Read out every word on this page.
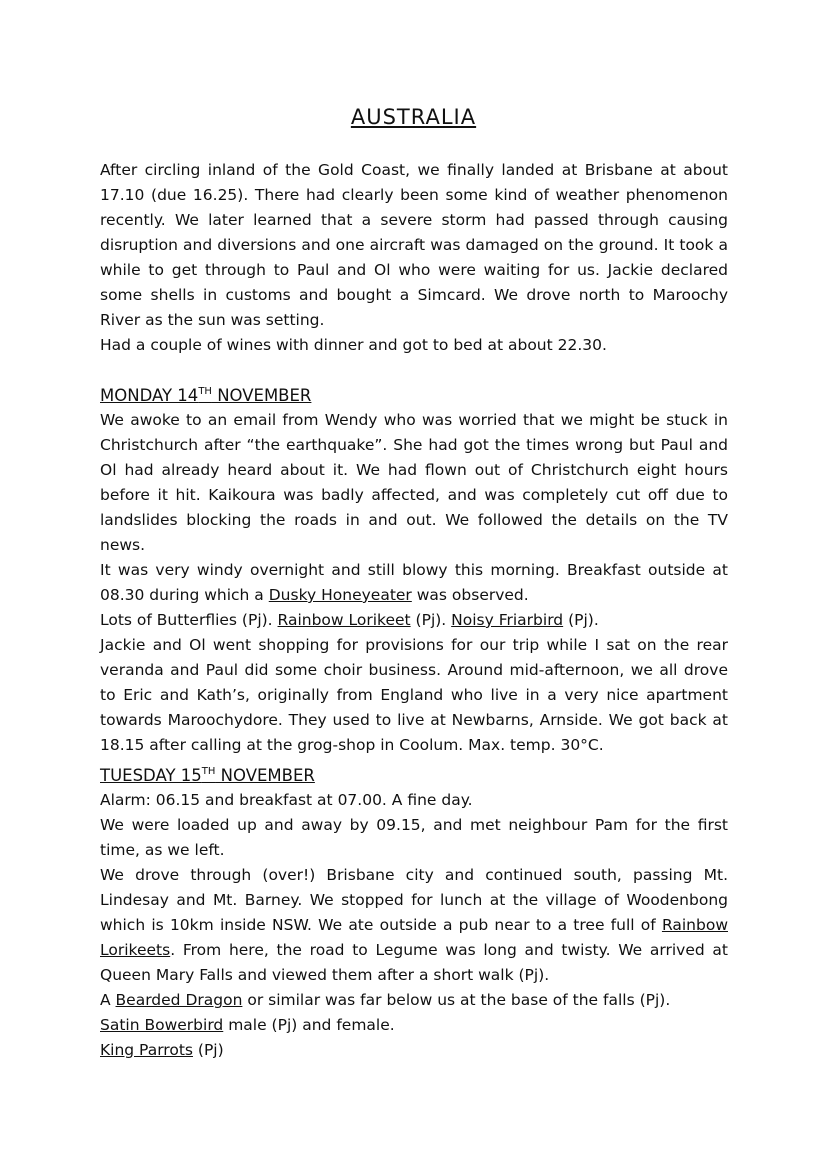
AUSTRALIA

After circling inland of the Gold Coast, we finally landed at Brisbane at about 17.10 (due 16.25). There had clearly been some kind of weather phenomenon recently. We later learned that a severe storm had passed through causing disruption and diversions and one aircraft was damaged on the ground. It took a while to get through to Paul and Ol who were waiting for us. Jackie declared some shells in customs and bought a Simcard. We drove north to Maroochy River as the sun was setting.

Had a couple of wines with dinner and got to bed at about 22.30.

MONDAY 14TH NOVEMBER

We awoke to an email from Wendy who was worried that we might be stuck in Christchurch after “the earthquake”. She had got the times wrong but Paul and Ol had already heard about it. We had flown out of Christchurch eight hours before it hit. Kaikoura was badly affected, and was completely cut off due to landslides blocking the roads in and out. We followed the details on the TV news.

It was very windy overnight and still blowy this morning. Breakfast outside at 08.30 during which a Dusky Honeyeater was observed.

Lots of Butterflies (Pj). Rainbow Lorikeet (Pj). Noisy Friarbird (Pj).

Jackie and Ol went shopping for provisions for our trip while I sat on the rear veranda and Paul did some choir business. Around mid-afternoon, we all drove to Eric and Kath’s, originally from England who live in a very nice apartment towards Maroochydore. They used to live at Newbarns, Arnside. We got back at 18.15 after calling at the grog-shop in Coolum. Max. temp. 30°C.

TUESDAY 15TH NOVEMBER

Alarm: 06.15 and breakfast at 07.00. A fine day.

We were loaded up and away by 09.15, and met neighbour Pam for the first time, as we left.

We drove through (over!) Brisbane city and continued south, passing Mt. Lindesay and Mt. Barney. We stopped for lunch at the village of Woodenbong which is 10km inside NSW. We ate outside a pub near to a tree full of Rainbow Lorikeets. From here, the road to Legume was long and twisty. We arrived at Queen Mary Falls and viewed them after a short walk (Pj).

A Bearded Dragon or similar was far below us at the base of the falls (Pj).

Satin Bowerbird male (Pj) and female.

King Parrots (Pj)
